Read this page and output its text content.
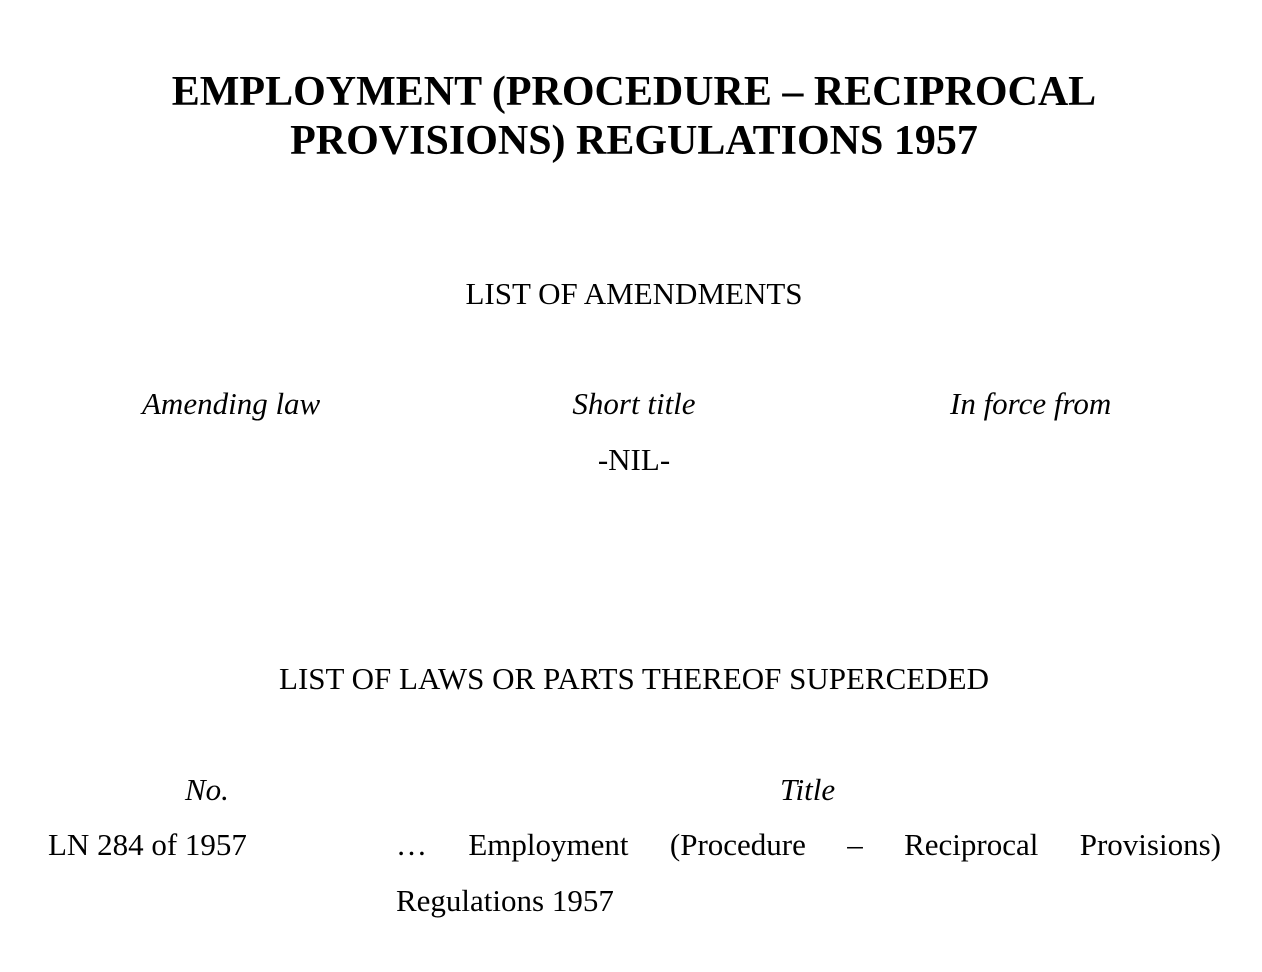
EMPLOYMENT (PROCEDURE – RECIPROCAL
PROVISIONS) REGULATIONS 1957
LIST OF AMENDMENTS
Amending law	Short title	In force from
-NIL-
LIST OF LAWS OR PARTS THEREOF SUPERCEDED
No.	Title
LN 284 of 1957	… Employment (Procedure – Reciprocal Provisions)
Regulations 1957
